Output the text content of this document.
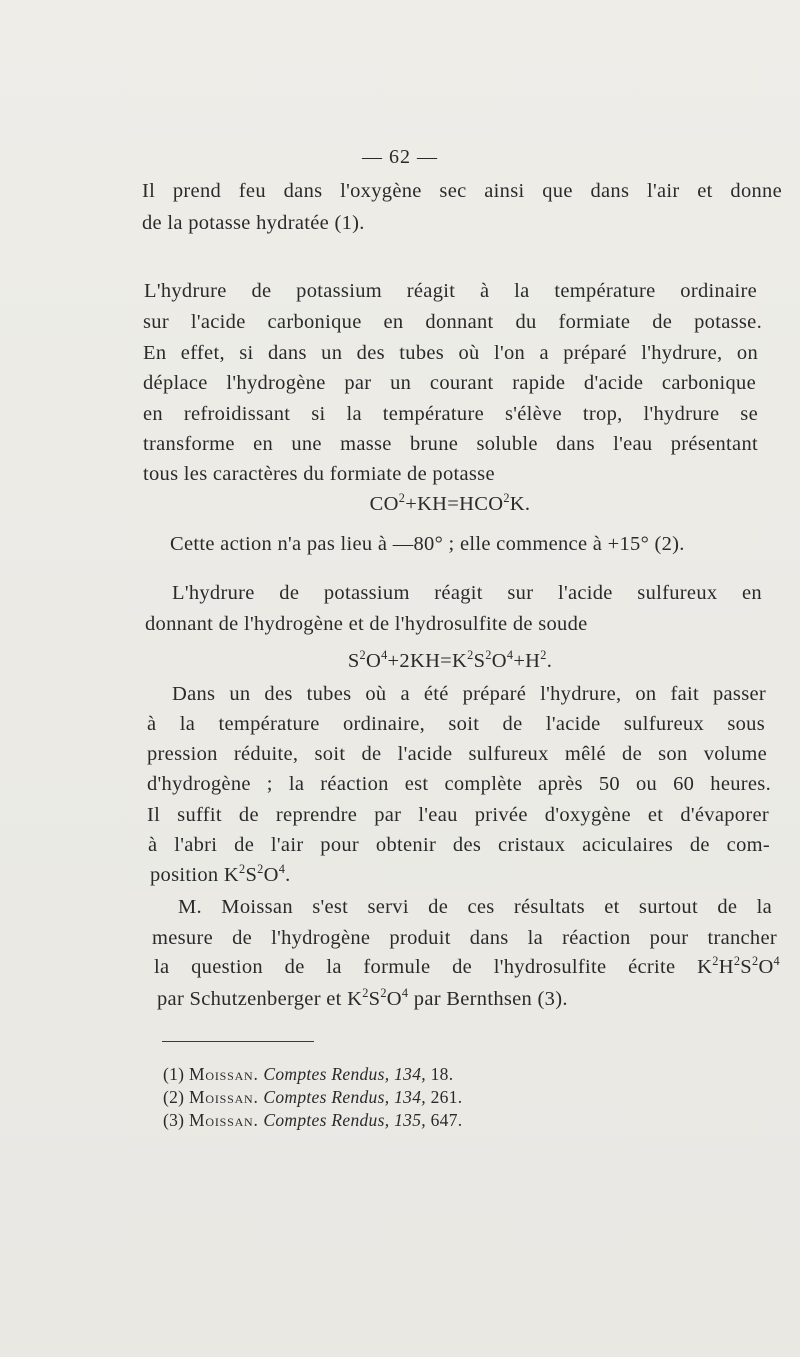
— 62 —
Il prend feu dans l'oxygène sec ainsi que dans l'air et donne
de la potasse hydratée (1).
L'hydrure de potassium réagit à la température ordinaire
sur l'acide carbonique en donnant du formiate de potasse.
En effet, si dans un des tubes où l'on a préparé l'hydrure, on
déplace l'hydrogène par un courant rapide d'acide carbonique
en refroidissant si la température s'élève trop, l'hydrure se
transforme en une masse brune soluble dans l'eau présentant
tous les caractères du formiate de potasse
$CO^2+KH=HCO^2K$.
Cette action n'a pas lieu à —80° ; elle commence à +15° (2).
L'hydrure de potassium réagit sur l'acide sulfureux en
donnant de l'hydrogène et de l'hydrosulfite de soude
$S^2O^4+2KH=K^2S^2O^4+H^2$.
Dans un des tubes où a été préparé l'hydrure, on fait passer
à la température ordinaire, soit de l'acide sulfureux sous
pression réduite, soit de l'acide sulfureux mêlé de son volume
d'hydrogène ; la réaction est complète après 50 ou 60 heures.
Il suffit de reprendre par l'eau privée d'oxygène et d'évaporer
à l'abri de l'air pour obtenir des cristaux aciculaires de com-
position $K^2S^2O^4$.
M. Moissan s'est servi de ces résultats et surtout de la
mesure de l'hydrogène produit dans la réaction pour trancher
la question de la formule de l'hydrosulfite écrite $K^2H^2S^2O^4$
par Schutzenberger et $K^2S^2O^4$ par Bernthsen (3).
(1) Moissan. Comptes Rendus, 134, 18.
(2) Moissan. Comptes Rendus, 134, 261.
(3) Moissan. Comptes Rendus, 135, 647.
